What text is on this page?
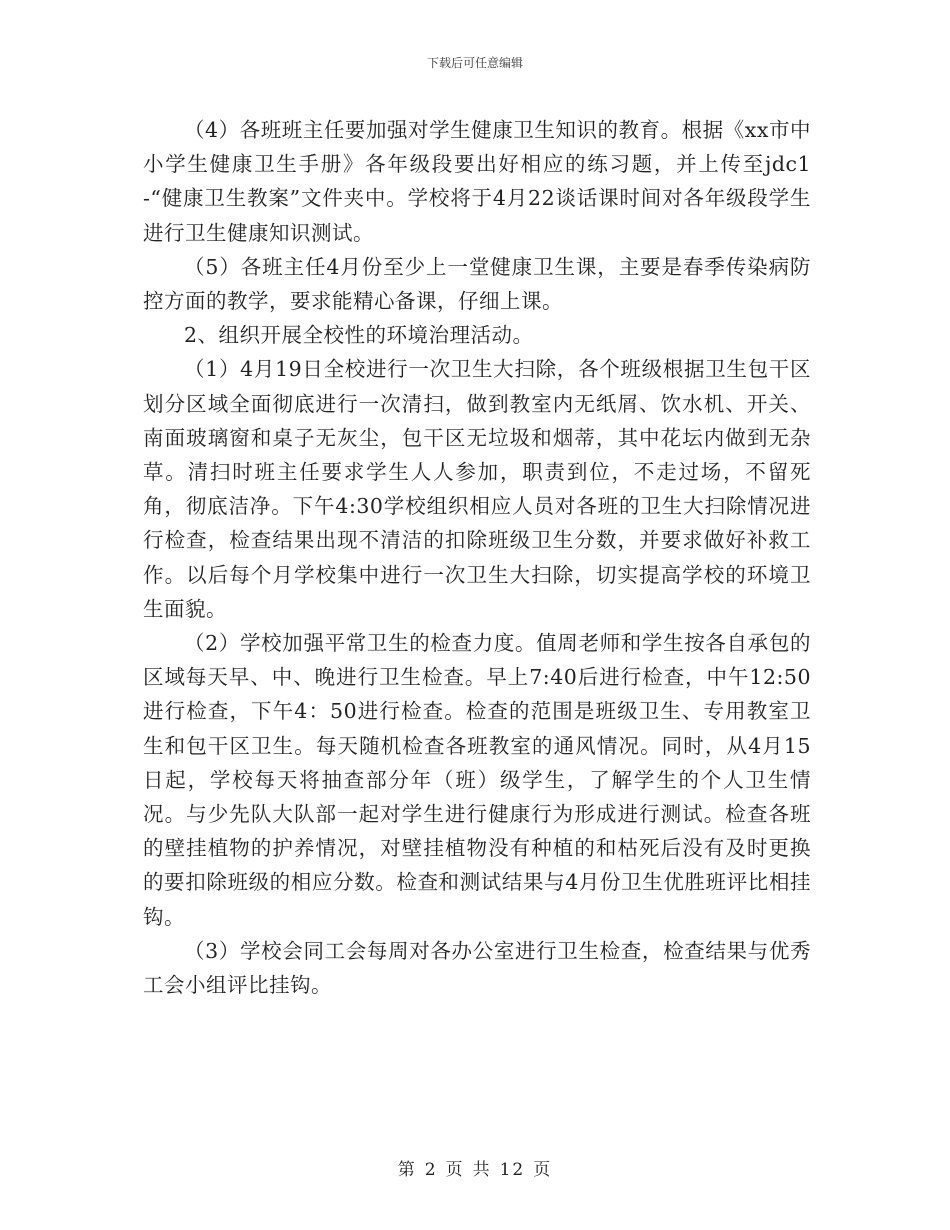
下载后可任意编辑

（4）各班班主任要加强对学生健康卫生知识的教育。根据《xx市中小学生健康卫生手册》各年级段要出好相应的练习题，并上传至jdc1-“健康卫生教案”文件夹中。学校将于4月22谈话课时间对各年级段学生进行卫生健康知识测试。

（5）各班主任4月份至少上一堂健康卫生课，主要是春季传染病防控方面的教学，要求能精心备课，仔细上课。

2、组织开展全校性的环境治理活动。

（1）4月19日全校进行一次卫生大扫除，各个班级根据卫生包干区划分区域全面彻底进行一次清扫，做到教室内无纸屑、饮水机、开关、南面玻璃窗和桌子无灰尘，包干区无垃圾和烟蒂，其中花坛内做到无杂草。清扫时班主任要求学生人人参加，职责到位，不走过场，不留死角，彻底洁净。下午4:30学校组织相应人员对各班的卫生大扫除情况进行检查，检查结果出现不清洁的扣除班级卫生分数，并要求做好补救工作。以后每个月学校集中进行一次卫生大扫除，切实提高学校的环境卫生面貌。

（2）学校加强平常卫生的检查力度。值周老师和学生按各自承包的区域每天早、中、晚进行卫生检查。早上7:40后进行检查，中午12:50进行检查，下午4：50进行检查。检查的范围是班级卫生、专用教室卫生和包干区卫生。每天随机检查各班教室的通风情况。同时，从4月15日起，学校每天将抽查部分年（班）级学生，了解学生的个人卫生情况。与少先队大队部一起对学生进行健康行为形成进行测试。检查各班的壁挂植物的护养情况，对壁挂植物没有种植的和枯死后没有及时更换的要扣除班级的相应分数。检查和测试结果与4月份卫生优胜班评比相挂钩。

（3）学校会同工会每周对各办公室进行卫生检查，检查结果与优秀工会小组评比挂钩。

第 2 页 共 12 页
